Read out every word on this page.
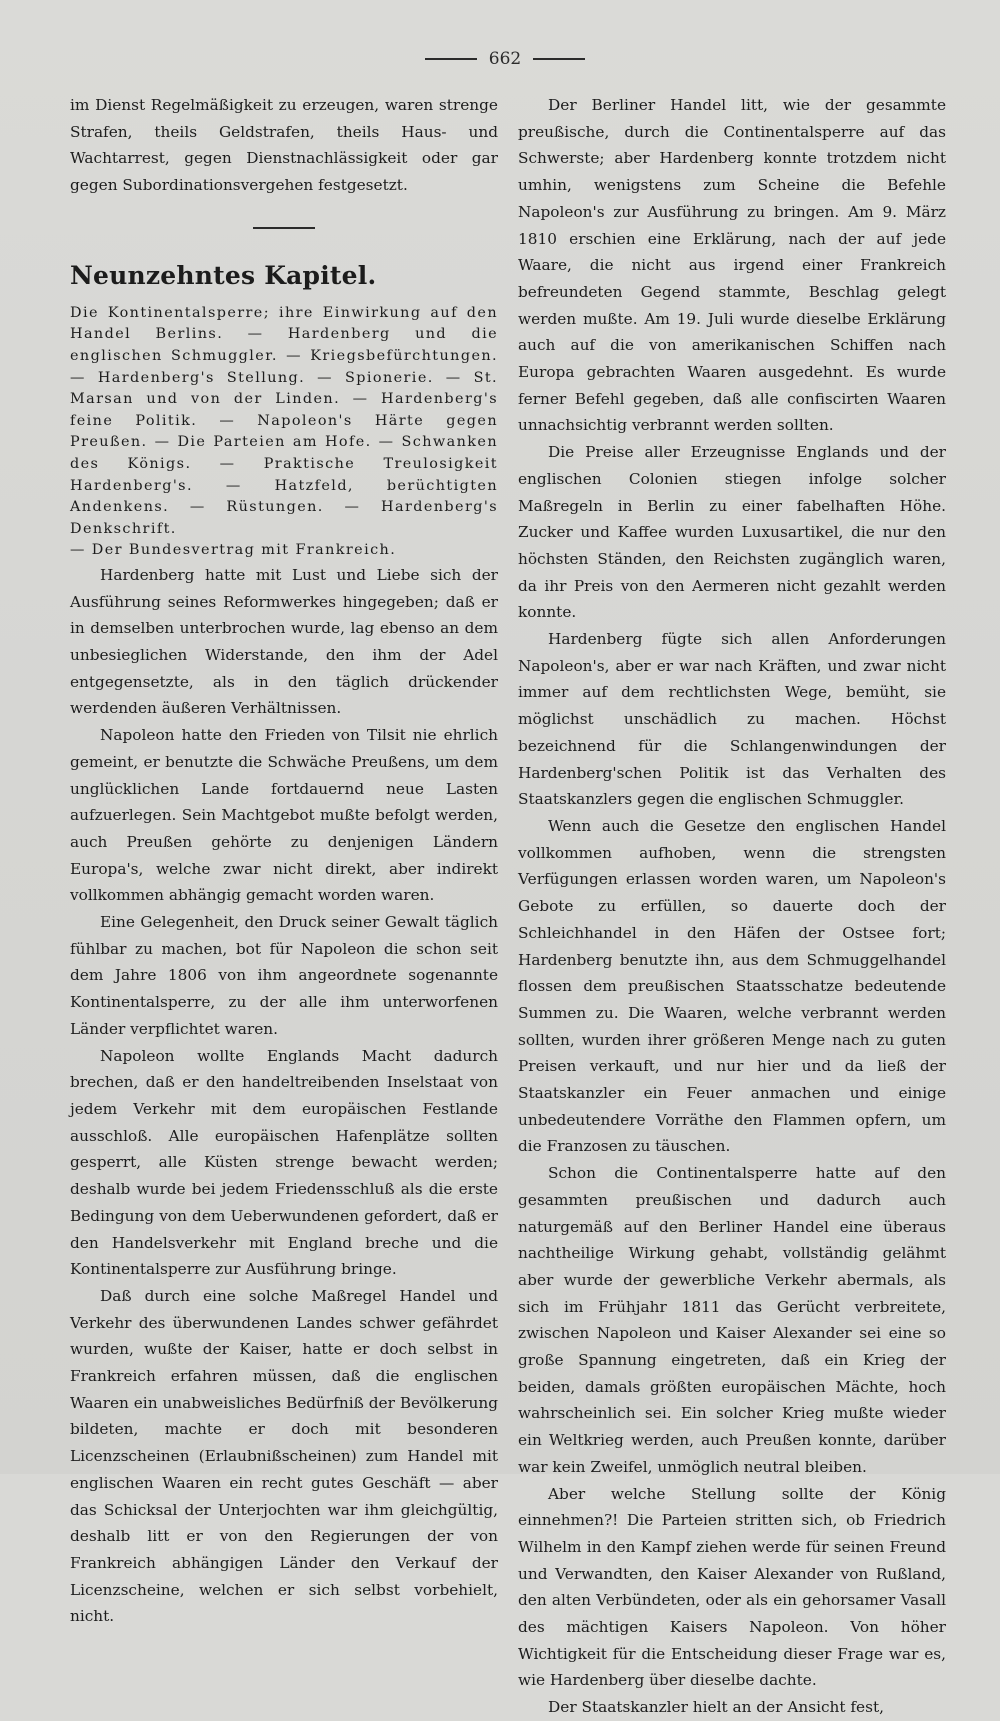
662

im Dienst Regelmäßigkeit zu erzeugen, waren strenge Strafen, theils Geldstrafen, theils Haus- und Wachtarrest, gegen Dienstnachlässigkeit oder gar gegen Subordinationsvergehen festgesetzt.

Neunzehntes Kapitel.

Die Kontinentalsperre; ihre Einwirkung auf den Handel Berlins. — Hardenberg und die englischen Schmuggler. — Kriegsbefürchtungen. — Hardenberg's Stellung. — Spionerie. — St. Marsan und von der Linden. — Hardenberg's feine Politik. — Napoleon's Härte gegen Preußen. — Die Parteien am Hofe. — Schwanken des Königs. — Praktische Treulosigkeit Hardenberg's. — Hatzfeld, berüchtigten Andenkens. — Rüstungen. — Hardenberg's Denkschrift.
— Der Bundesvertrag mit Frankreich.

Hardenberg hatte mit Lust und Liebe sich der Ausführung seines Reformwerkes hingegeben; daß er in demselben unterbrochen wurde, lag ebenso an dem unbesieglichen Widerstande, den ihm der Adel entgegensetzte, als in den täglich drückender werdenden äußeren Verhältnissen.

Napoleon hatte den Frieden von Tilsit nie ehrlich gemeint, er benutzte die Schwäche Preußens, um dem unglücklichen Lande fortdauernd neue Lasten aufzuerlegen. Sein Machtgebot mußte befolgt werden, auch Preußen gehörte zu denjenigen Ländern Europa's, welche zwar nicht direkt, aber indirekt vollkommen abhängig gemacht worden waren.

Eine Gelegenheit, den Druck seiner Gewalt täglich fühlbar zu machen, bot für Napoleon die schon seit dem Jahre 1806 von ihm angeordnete sogenannte Kontinentalsperre, zu der alle ihm unterworfenen Länder verpflichtet waren.

Napoleon wollte Englands Macht dadurch brechen, daß er den handeltreibenden Inselstaat von jedem Verkehr mit dem europäischen Festlande ausschloß. Alle europäischen Hafenplätze sollten gesperrt, alle Küsten strenge bewacht werden; deshalb wurde bei jedem Friedensschluß als die erste Bedingung von dem Ueberwundenen gefordert, daß er den Handelsverkehr mit England breche und die Kontinentalsperre zur Ausführung bringe.

Daß durch eine solche Maßregel Handel und Verkehr des überwundenen Landes schwer gefährdet wurden, wußte der Kaiser, hatte er doch selbst in Frankreich erfahren müssen, daß die englischen Waaren ein unabweisliches Bedürfniß der Bevölkerung bildeten, machte er doch mit besonderen Licenzscheinen (Erlaubnißscheinen) zum Handel mit englischen Waaren ein recht gutes Geschäft — aber das Schicksal der Unterjochten war ihm gleichgültig, deshalb litt er von den Regierungen der von Frankreich abhängigen Länder den Verkauf der Licenzscheine, welchen er sich selbst vorbehielt, nicht.

Der Berliner Handel litt, wie der gesammte preußische, durch die Continentalsperre auf das Schwerste; aber Hardenberg konnte trotzdem nicht umhin, wenigstens zum Scheine die Befehle Napoleon's zur Ausführung zu bringen. Am 9. März 1810 erschien eine Erklärung, nach der auf jede Waare, die nicht aus irgend einer Frankreich befreundeten Gegend stammte, Beschlag gelegt werden mußte. Am 19. Juli wurde dieselbe Erklärung auch auf die von amerikanischen Schiffen nach Europa gebrachten Waaren ausgedehnt. Es wurde ferner Befehl gegeben, daß alle confiscirten Waaren unnachsichtig verbrannt werden sollten.

Die Preise aller Erzeugnisse Englands und der englischen Colonien stiegen infolge solcher Maßregeln in Berlin zu einer fabelhaften Höhe. Zucker und Kaffee wurden Luxusartikel, die nur den höchsten Ständen, den Reichsten zugänglich waren, da ihr Preis von den Aermeren nicht gezahlt werden konnte.

Hardenberg fügte sich allen Anforderungen Napoleon's, aber er war nach Kräften, und zwar nicht immer auf dem rechtlichsten Wege, bemüht, sie möglichst unschädlich zu machen. Höchst bezeichnend für die Schlangenwindungen der Hardenberg'schen Politik ist das Verhalten des Staatskanzlers gegen die englischen Schmuggler.

Wenn auch die Gesetze den englischen Handel vollkommen aufhoben, wenn die strengsten Verfügungen erlassen worden waren, um Napoleon's Gebote zu erfüllen, so dauerte doch der Schleichhandel in den Häfen der Ostsee fort; Hardenberg benutzte ihn, aus dem Schmuggelhandel flossen dem preußischen Staatsschatze bedeutende Summen zu. Die Waaren, welche verbrannt werden sollten, wurden ihrer größeren Menge nach zu guten Preisen verkauft, und nur hier und da ließ der Staatskanzler ein Feuer anmachen und einige unbedeutendere Vorräthe den Flammen opfern, um die Franzosen zu täuschen.

Schon die Continentalsperre hatte auf den gesammten preußischen und dadurch auch naturgemäß auf den Berliner Handel eine überaus nachtheilige Wirkung gehabt, vollständig gelähmt aber wurde der gewerbliche Verkehr abermals, als sich im Frühjahr 1811 das Gerücht verbreitete, zwischen Napoleon und Kaiser Alexander sei eine so große Spannung eingetreten, daß ein Krieg der beiden, damals größten europäischen Mächte, hoch wahrscheinlich sei. Ein solcher Krieg mußte wieder ein Weltkrieg werden, auch Preußen konnte, darüber war kein Zweifel, unmöglich neutral bleiben.

Aber welche Stellung sollte der König einnehmen?! Die Parteien stritten sich, ob Friedrich Wilhelm in den Kampf ziehen werde für seinen Freund und Verwandten, den Kaiser Alexander von Rußland, den alten Verbündeten, oder als ein gehorsamer Vasall des mächtigen Kaisers Napoleon. Von höher Wichtigkeit für die Entscheidung dieser Frage war es, wie Hardenberg über dieselbe dachte.

Der Staatskanzler hielt an der Ansicht fest,
